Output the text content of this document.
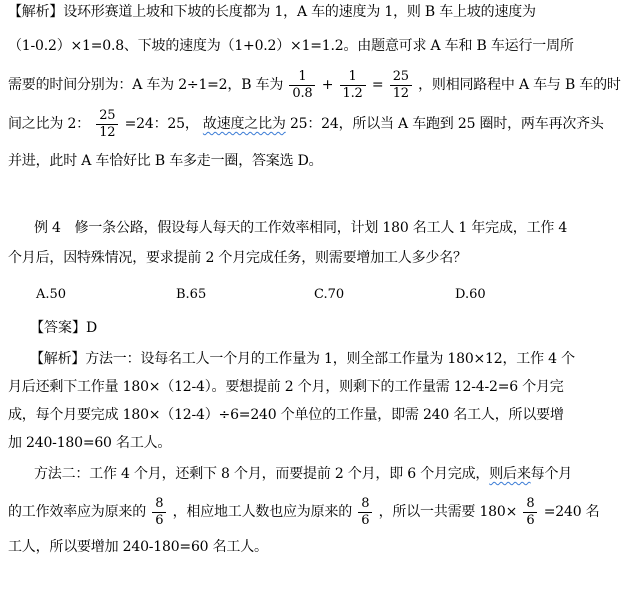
【解析】设环形赛道上坡和下坡的长度都为 1，A 车的速度为 1，则 B 车上坡的速度为
（1-0.2）×1=0.8、下坡的速度为（1+0.2）×1=1.2。由题意可求 A 车和 B 车运行一周所
需要的时间分别为：A 车为 2÷1=2，B 车为 $\frac{1}{0.8} + \frac{1}{1.2} = \frac{25}{12}$ ，则相同路程中 A 车与 B 车的时
间之比为 2： $\frac{25}{12} =24$：25， 故速度之比为 25：24，所以当 A 车跑到 25 圈时，两车再次齐头
并进，此时 A 车恰好比 B 车多走一圈，答案选 D。
例 4　修一条公路，假设每人每天的工作效率相同，计划 180 名工人 1 年完成，工作 4
个月后，因特殊情况，要求提前 2 个月完成任务，则需要增加工人多少名？
A.50	B.65	C.70	D.60
【答案】D
【解析】方法一：设每名工人一个月的工作量为 1，则全部工作量为 180×12，工作 4 个
月后还剩下工作量 180×（12-4）。要想提前 2 个月，则剩下的工作量需 12-4-2=6 个月完
成，每个月要完成 180×（12-4）÷6=240 个单位的工作量，即需 240 名工人，所以要增
加 240-180=60 名工人。
方法二：工作 4 个月，还剩下 8 个月，而要提前 2 个月，即 6 个月完成，则后来每个月
的工作效率应为原来的 $\frac{8}{6}$ ，相应地工人数也应为原来的 $\frac{8}{6}$ ，所以一共需要 $180\times \frac{8}{6} =240$ 名
工人，所以要增加 240-180=60 名工人。
